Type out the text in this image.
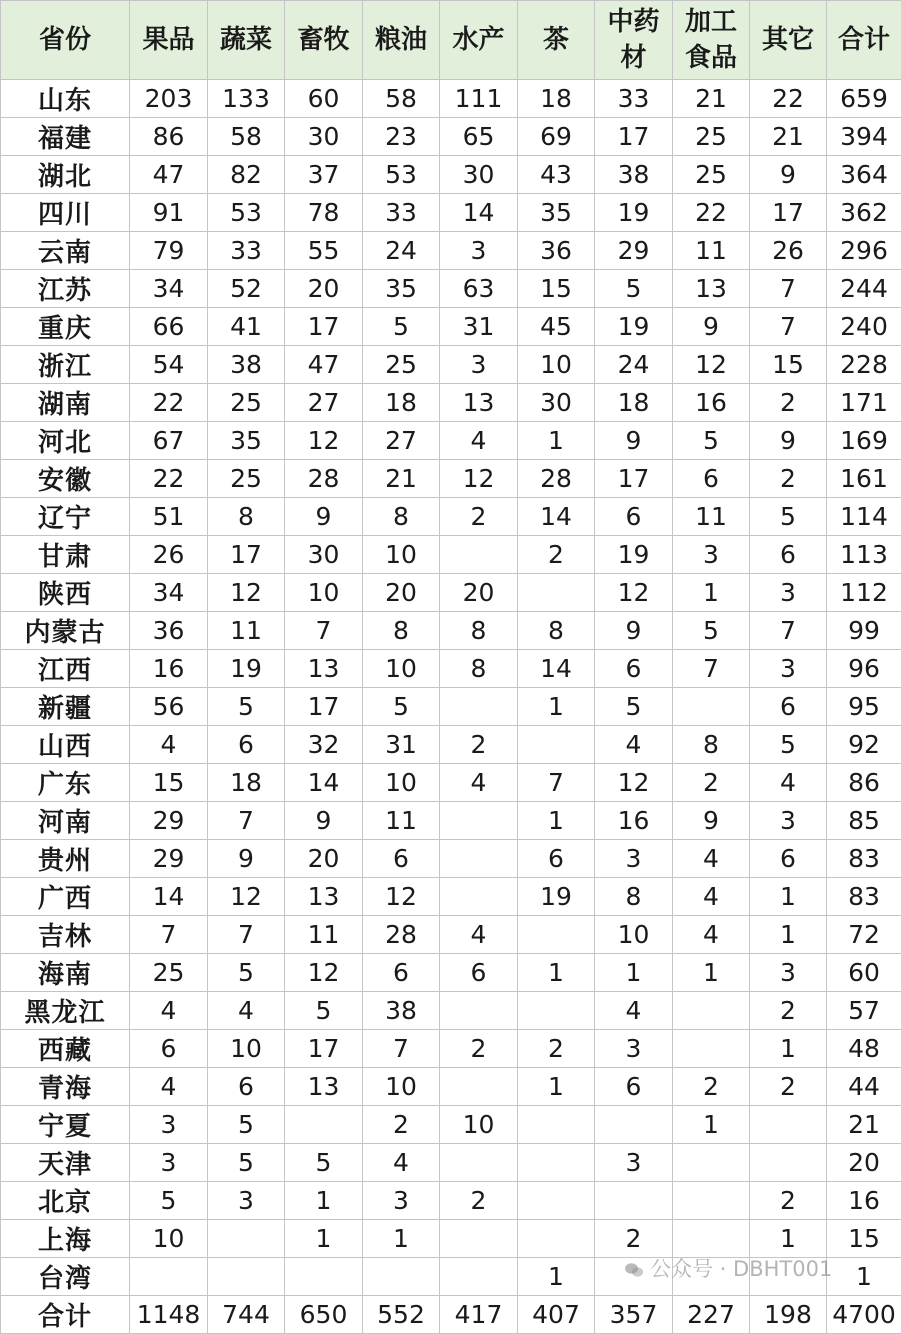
省份	果品	蔬菜	畜牧	粮油	水产	茶	中药材	加工食品	其它	合计
山东	203	133	60	58	111	18	33	21	22	659
福建	86	58	30	23	65	69	17	25	21	394
湖北	47	82	37	53	30	43	38	25	9	364
四川	91	53	78	33	14	35	19	22	17	362
云南	79	33	55	24	3	36	29	11	26	296
江苏	34	52	20	35	63	15	5	13	7	244
重庆	66	41	17	5	31	45	19	9	7	240
浙江	54	38	47	25	3	10	24	12	15	228
湖南	22	25	27	18	13	30	18	16	2	171
河北	67	35	12	27	4	1	9	5	9	169
安徽	22	25	28	21	12	28	17	6	2	161
辽宁	51	8	9	8	2	14	6	11	5	114
甘肃	26	17	30	10		2	19	3	6	113
陕西	34	12	10	20	20		12	1	3	112
内蒙古	36	11	7	8	8	8	9	5	7	99
江西	16	19	13	10	8	14	6	7	3	96
新疆	56	5	17	5		1	5		6	95
山西	4	6	32	31	2		4	8	5	92
广东	15	18	14	10	4	7	12	2	4	86
河南	29	7	9	11		1	16	9	3	85
贵州	29	9	20	6		6	3	4	6	83
广西	14	12	13	12		19	8	4	1	83
吉林	7	7	11	28	4		10	4	1	72
海南	25	5	12	6	6	1	1	1	3	60
黑龙江	4	4	5	38			4		2	57
西藏	6	10	17	7	2	2	3		1	48
青海	4	6	13	10		1	6	2	2	44
宁夏	3	5		2	10			1		21
天津	3	5	5	4			3			20
北京	5	3	1	3	2				2	16
上海	10		1	1			2		1	15
台湾						1				1
合计	1148	744	650	552	417	407	357	227	198	4700
公众号 · DBHT001
